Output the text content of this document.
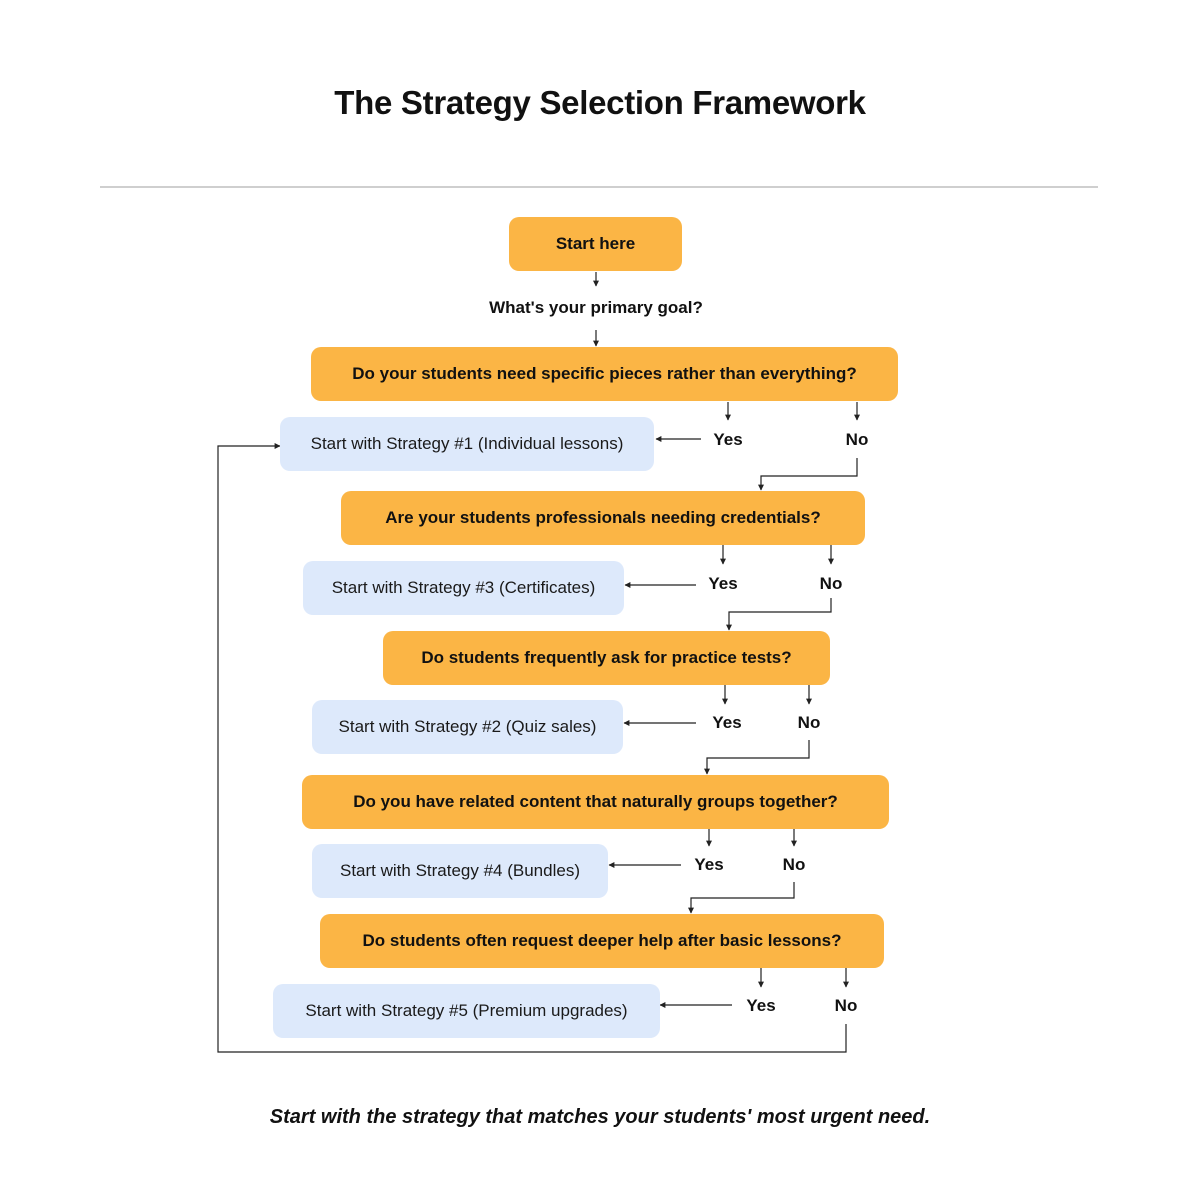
The Strategy Selection Framework
Start here
What's your primary goal?
Do your students need specific pieces rather than everything?
Start with Strategy #1 (Individual lessons)	Yes	No
Are your students professionals needing credentials?
Start with Strategy #3 (Certificates)	Yes	No
Do students frequently ask for practice tests?
Start with Strategy #2 (Quiz sales)	Yes	No
Do you have related content that naturally groups together?
Start with Strategy #4 (Bundles)	Yes	No
Do students often request deeper help after basic lessons?
Start with Strategy #5 (Premium upgrades)	Yes	No
Start with the strategy that matches your students' most urgent need.
